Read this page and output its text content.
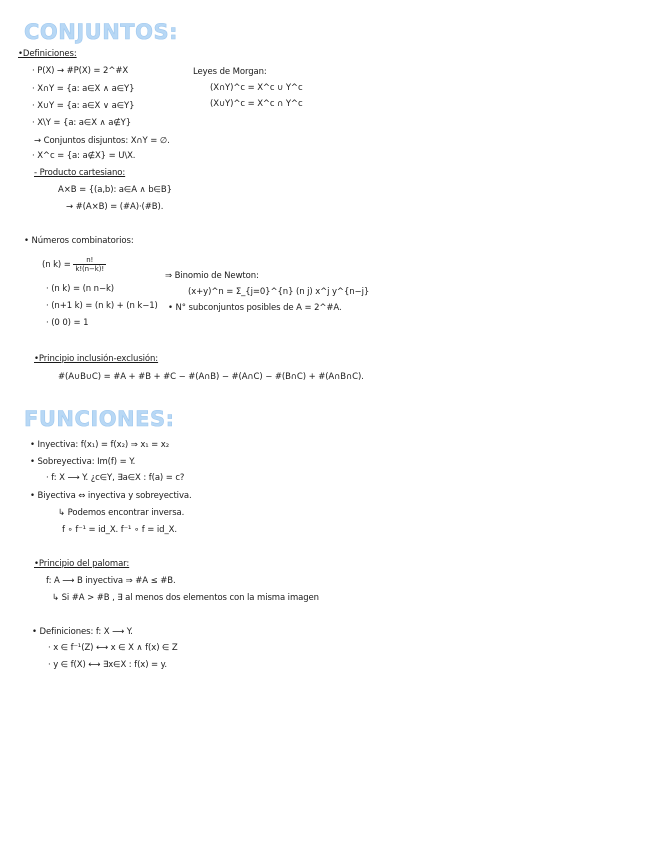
CONJUNTOS:
•Definiciones:
· P(X) → #P(X) = 2^#X
· X∩Y = {a: a∈X ∧ a∈Y}
· X∪Y = {a: a∈X ∨ a∈Y}
· X\Y = {a: a∈X ∧ a∉Y}
→ Conjuntos disjuntos: X∩Y = ∅.
· X^c = {a: a∉X} = U\X.
- Producto cartesiano:
A×B = {(a,b): a∈A ∧ b∈B}
→ #(A×B) = (#A)·(#B).
Leyes de Morgan:
(X∩Y)^c = X^c ∪ Y^c
(X∪Y)^c = X^c ∩ Y^c
• Números combinatorios:
(n $k) = \frac{n!}{k!(n-k)!}$
· (n k) = (n n−k)
· (n+1 k) = (n k) + (n k−1)
· (0 0) = 1
⇒ Binomio de Newton:
(x+y)^n = Σ_{j=0}^{n} (n j) x^j y^{n−j}
• N° subconjuntos posibles de A = 2^#A.
•Principio inclusión-exclusión:
#(A∪B∪C) = #A + #B + #C − #(A∩B) − #(A∩C) − #(B∩C) + #(A∩B∩C).
FUNCIONES:
• Inyectiva: f(x₁) = f(x₂) ⇒ x₁ = x₂
• Sobreyectiva: Im(f) = Y.
· f: X ⟶ Y. ¿c∈Y, ∃a∈X : f(a) = c?
• Biyectiva ⇔ inyectiva y sobreyectiva.
↳ Podemos encontrar inversa.
f ∘ f⁻¹ = id_X. f⁻¹ ∘ f = id_X.
•Principio del palomar:
f: A ⟶ B inyectiva ⇒ #A ≤ #B.
↳ Si #A > #B , ∃ al menos dos elementos con la misma imagen
• Definiciones: f: X ⟶ Y.
· x ∈ f⁻¹(Z) ⟷ x ∈ X ∧ f(x) ∈ Z
· y ∈ f(X) ⟷ ∃x∈X : f(x) = y.
